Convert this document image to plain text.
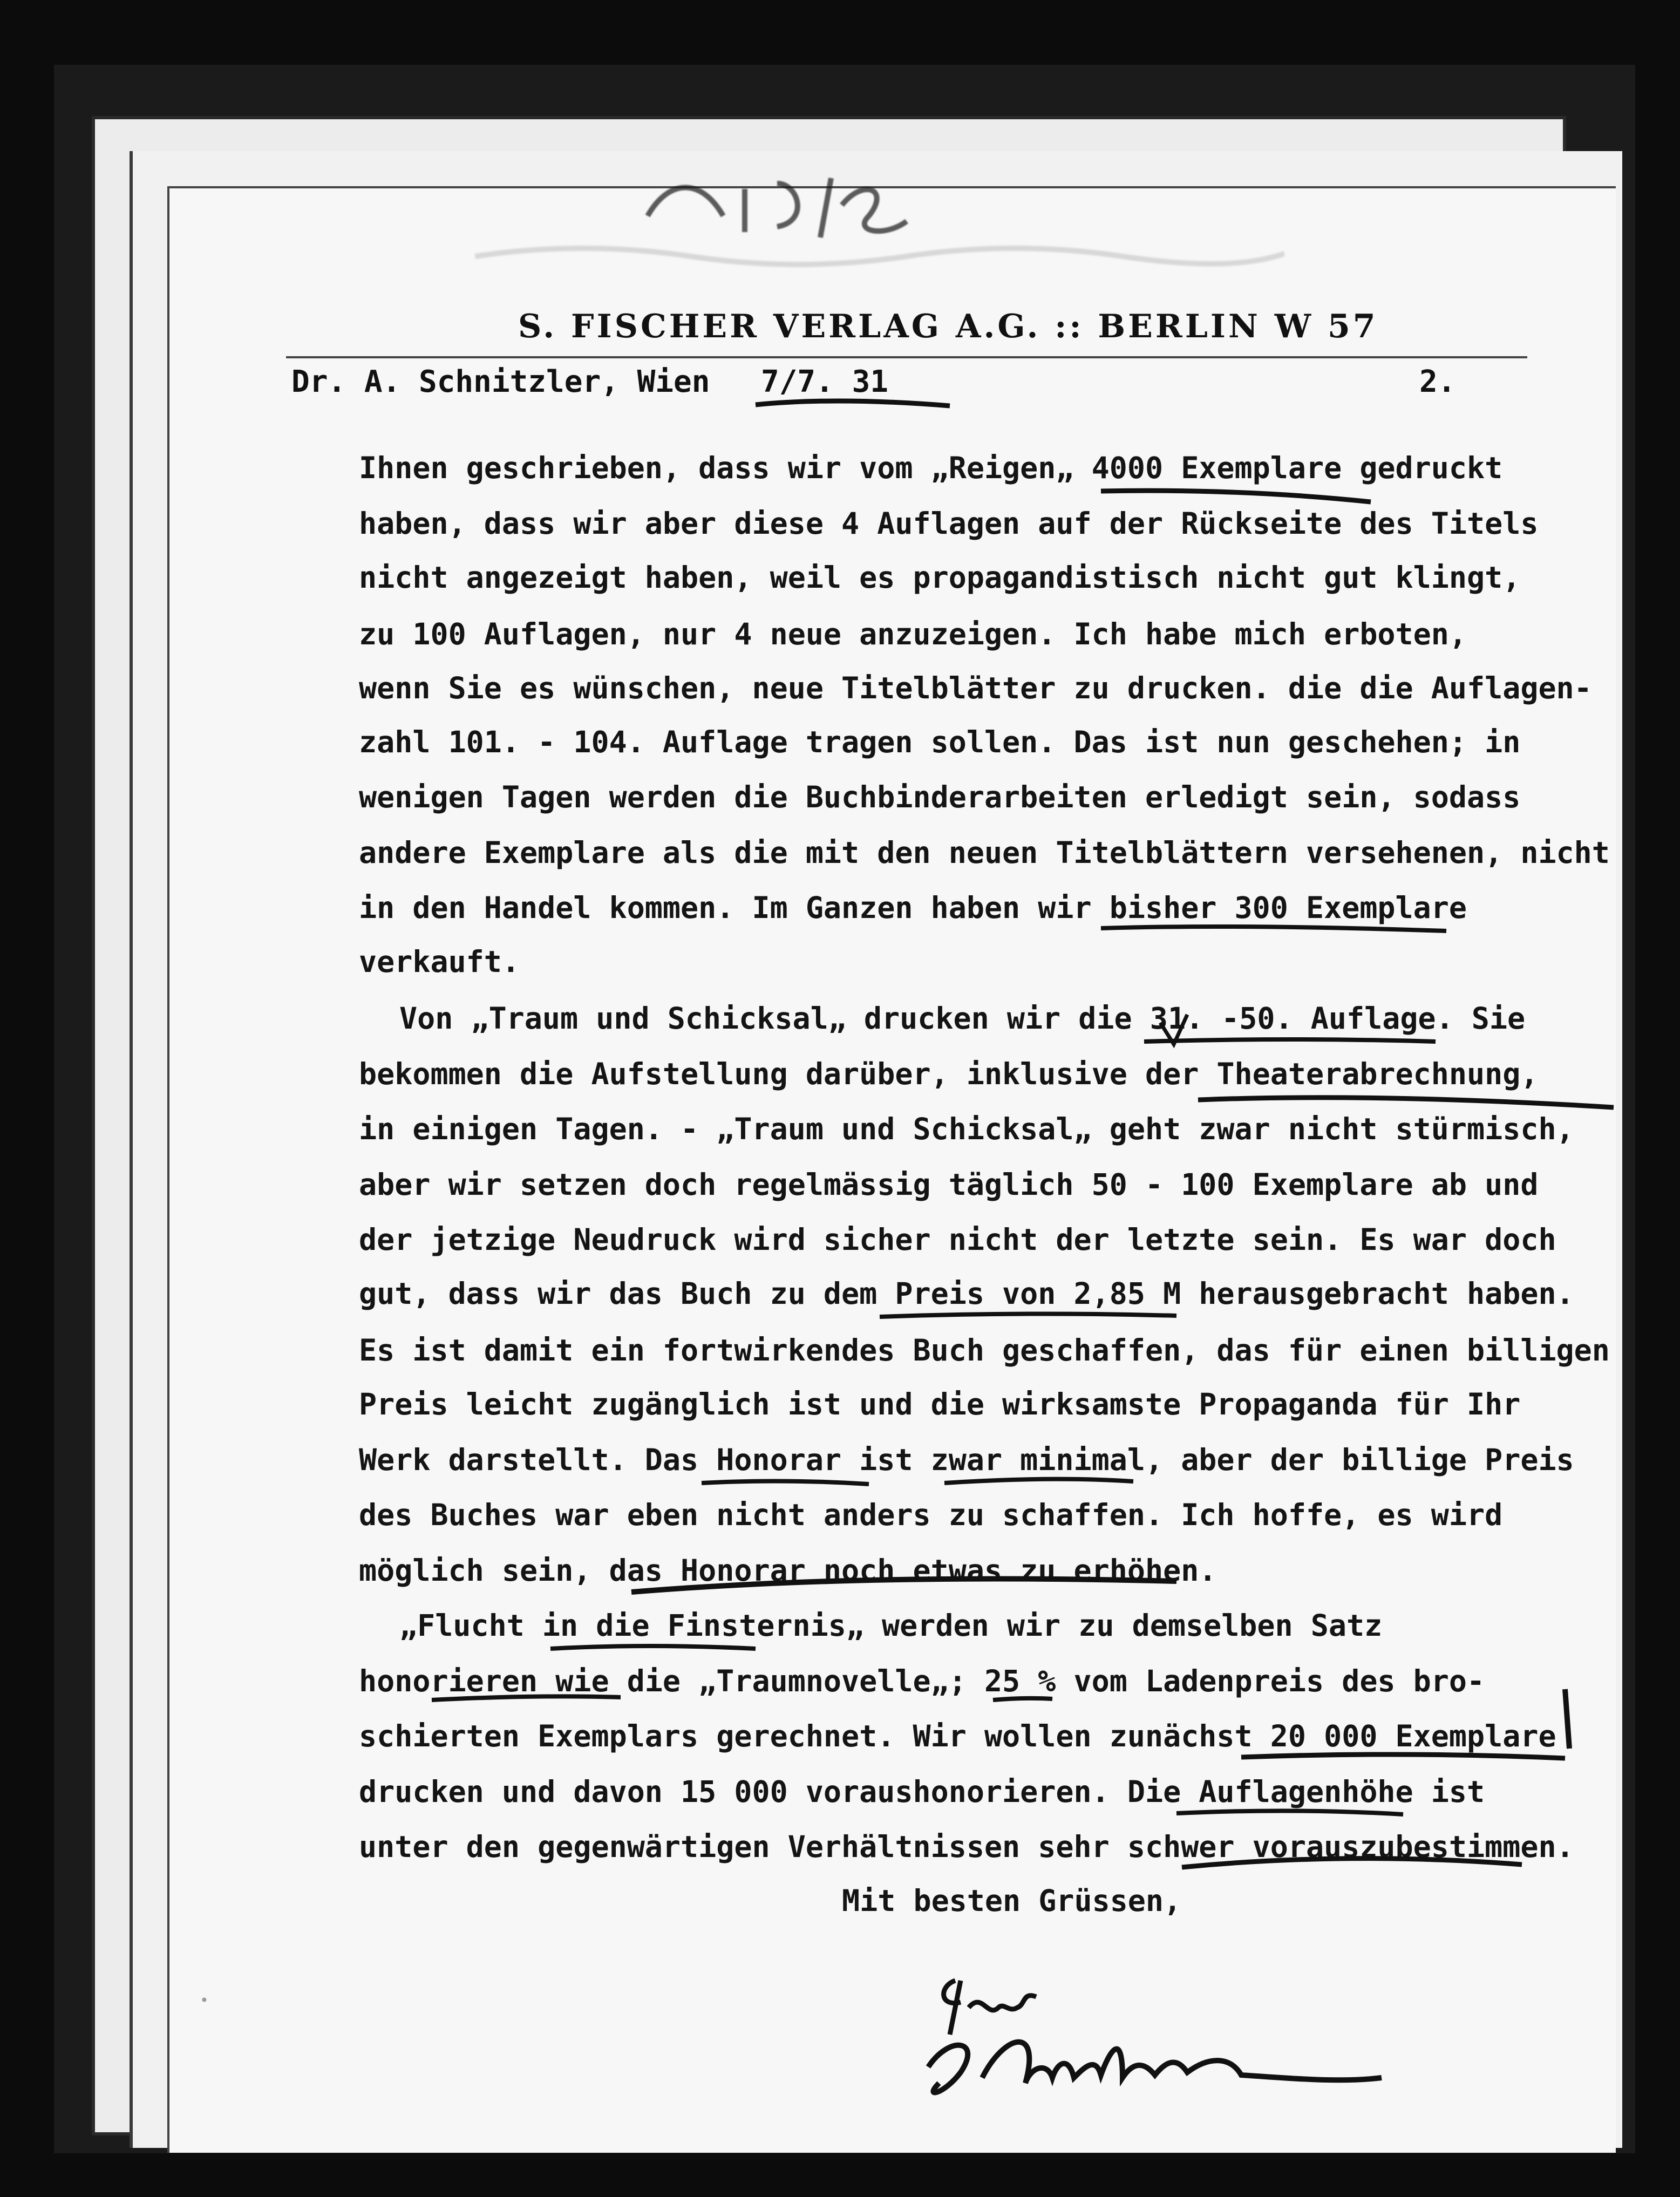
S. FISCHER VERLAG A.G. :: BERLIN W 57
Dr. A. Schnitzler, Wien 7/7. 31	2.
Ihnen geschrieben, dass wir vom „Reigen„ 4000 Exemplare gedruckt
haben, dass wir aber diese 4 Auflagen auf der Rückseite des Titels
nicht angezeigt haben, weil es propagandistisch nicht gut klingt,
zu 100 Auflagen, nur 4 neue anzuzeigen. Ich habe mich erboten,
wenn Sie es wünschen, neue Titelblätter zu drucken. die die Auflagen-
zahl 101. - 104. Auflage tragen sollen. Das ist nun geschehen; in
wenigen Tagen werden die Buchbinderarbeiten erledigt sein, sodass
andere Exemplare als die mit den neuen Titelblättern versehenen, nicht
in den Handel kommen. Im Ganzen haben wir bisher 300 Exemplare
verkauft.
Von „Traum und Schicksal„ drucken wir die 31. -50. Auflage. Sie
bekommen die Aufstellung darüber, inklusive der Theaterabrechnung,
in einigen Tagen. - „Traum und Schicksal„ geht zwar nicht stürmisch,
aber wir setzen doch regelmässig täglich 50 - 100 Exemplare ab und
der jetzige Neudruck wird sicher nicht der letzte sein. Es war doch
gut, dass wir das Buch zu dem Preis von 2,85 M herausgebracht haben.
Es ist damit ein fortwirkendes Buch geschaffen, das für einen billigen
Preis leicht zugänglich ist und die wirksamste Propaganda für Ihr
Werk darstellt. Das Honorar ist zwar minimal, aber der billige Preis
des Buches war eben nicht anders zu schaffen. Ich hoffe, es wird
möglich sein, das Honorar noch etwas zu erhöhen.
„Flucht in die Finsternis„ werden wir zu demselben Satz
honorieren wie die „Traumnovelle„; 25 % vom Ladenpreis des bro-
schierten Exemplars gerechnet. Wir wollen zunächst 20 000 Exemplare
drucken und davon 15 000 voraushonorieren. Die Auflagenhöhe ist
unter den gegenwärtigen Verhältnissen sehr schwer vorauszubestimmen.
Mit besten Grüssen,
•
